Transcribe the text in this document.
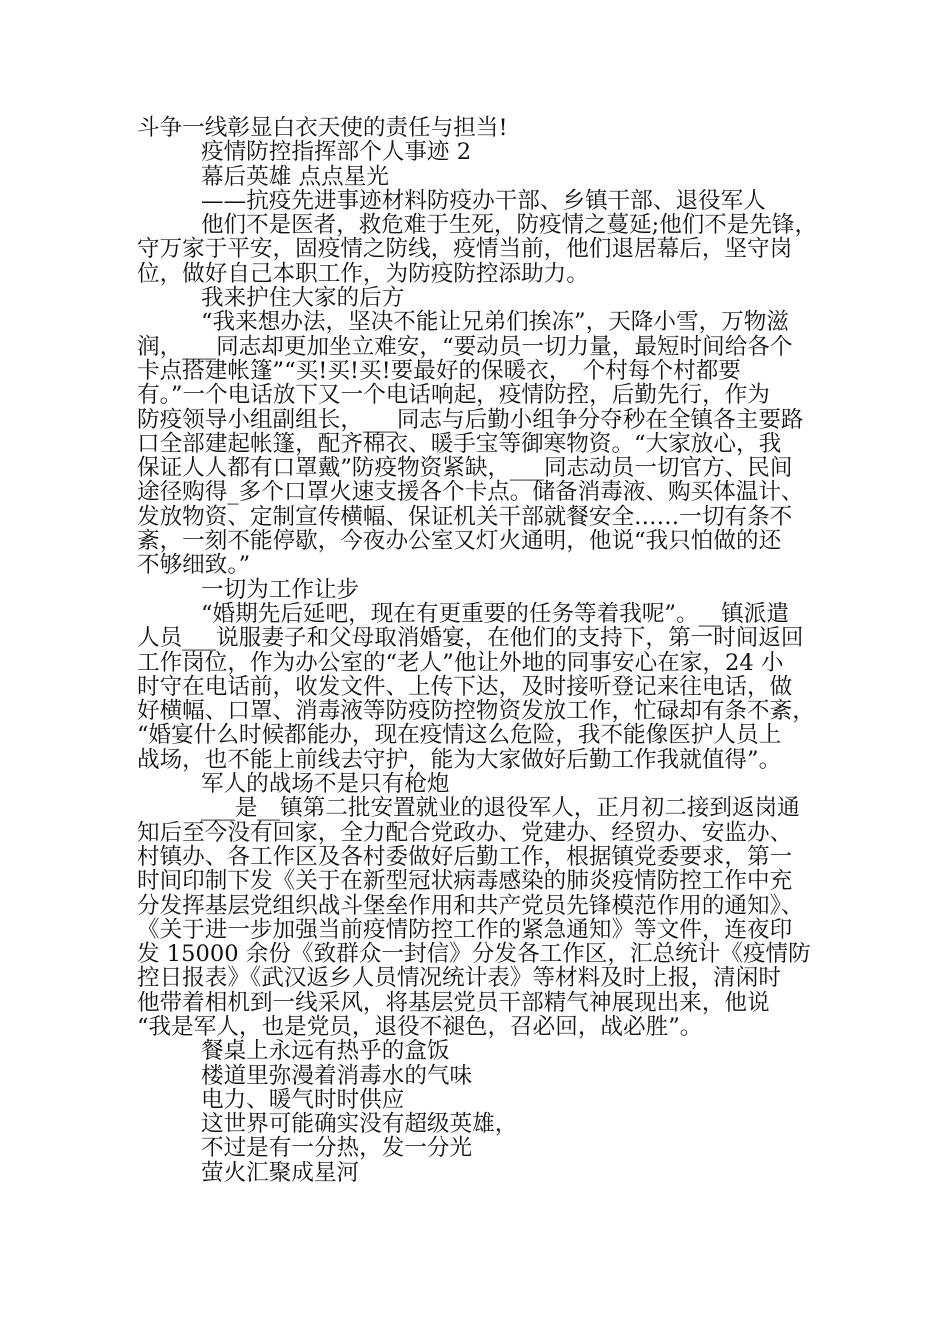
斗争一线彰显白衣天使的责任与担当!
疫情防控指挥部个人事迹 2
幕后英雄 点点星光
——抗疫先进事迹材料防疫办干部、乡镇干部、退役军人
他们不是医者，救危难于生死，防疫情之蔓延;他们不是先锋，
守万家于平安，固疫情之防线，疫情当前，他们退居幕后，坚守岗
位，做好自己本职工作，为防疫防控添助力。
我来护住大家的后方
“我来想办法，坚决不能让兄弟们挨冻”，天降小雪，万物滋
润，___同志却更加坐立难安，“要动员一切力量，最短时间给各个
卡点搭建帐篷”“买!买!买!要最好的保暖衣，_个村每个村都要
有。”一个电话放下又一个电话响起，疫情防控，后勤先行，作为
防疫领导小组副组长，___同志与后勤小组争分夺秒在全镇各主要路
口全部建起帐篷，配齐棉衣、暖手宝等御寒物资。“大家放心，我
保证人人都有口罩戴”防疫物资紧缺，___同志动员一切官方、民间
途径购得_多个口罩火速支援各个卡点。储备消毒液、购买体温计、
发放物资、定制宣传横幅、保证机关干部就餐安全……一切有条不
紊，一刻不能停歇，今夜办公室又灯火通明，他说“我只怕做的还
不够细致。”
一切为工作让步
“婚期先后延吧，现在有更重要的任务等着我呢”。__镇派遣
人员___说服妻子和父母取消婚宴，在他们的支持下，第一时间返回
工作岗位，作为办公室的“老人”他让外地的同事安心在家，24 小
时守在电话前，收发文件、上传下达，及时接听登记来往电话，做
好横幅、口罩、消毒液等防疫防控物资发放工作，忙碌却有条不紊，
“婚宴什么时候都能办，现在疫情这么危险，我不能像医护人员上
战场，也不能上前线去守护，能为大家做好后勤工作我就值得”。
军人的战场不是只有枪炮
___是__镇第二批安置就业的退役军人，正月初二接到返岗通
知后至今没有回家，全力配合党政办、党建办、经贸办、安监办、
村镇办、各工作区及各村委做好后勤工作，根据镇党委要求，第一
时间印制下发《关于在新型冠状病毒感染的肺炎疫情防控工作中充
分发挥基层党组织战斗堡垒作用和共产党员先锋模范作用的通知》、
《关于进一步加强当前疫情防控工作的紧急通知》等文件，连夜印
发 15000 余份《致群众一封信》分发各工作区，汇总统计《疫情防
控日报表》《武汉返乡人员情况统计表》等材料及时上报，清闲时
他带着相机到一线采风，将基层党员干部精气神展现出来，他说
“我是军人，也是党员，退役不褪色，召必回，战必胜”。
餐桌上永远有热乎的盒饭
楼道里弥漫着消毒水的气味
电力、暖气时时供应
这世界可能确实没有超级英雄，
不过是有一分热，发一分光
萤火汇聚成星河
